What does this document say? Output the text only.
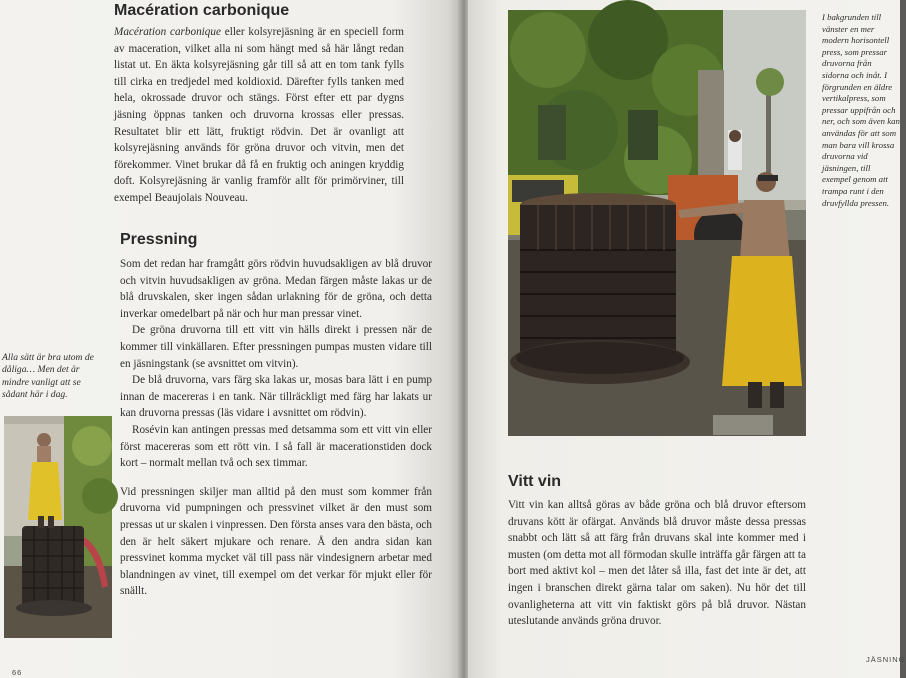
Macération carbonique

Macération carbonique eller kolsyrejäsning är en speciell form av maceration, vilket alla ni som hängt med så här långt redan listat ut. En äkta kolsyrejäsning går till så att en tom tank fylls till cirka en tredjedel med koldioxid. Därefter fylls tanken med hela, okrossade druvor och stängs. Först efter ett par dygns jäsning öppnas tanken och druvorna krossas eller pressas. Resultatet blir ett lätt, fruktigt rödvin. Det är ovanligt att kolsyrejäsning används för gröna druvor och vitvin, men det förekommer. Vinet brukar då få en fruktig och aningen kryddig doft. Kolsyrejäsning är vanlig framför allt för primörviner, till exempel Beaujolais Nouveau.

Pressning

Som det redan har framgått görs rödvin huvudsakligen av blå druvor och vitvin huvudsakligen av gröna. Medan färgen måste lakas ur de blå druvskalen, sker ingen sådan urlakning för de gröna, och detta inverkar omedelbart på när och hur man pressar vinet.

De gröna druvorna till ett vitt vin hälls direkt i pressen när de kommer till vinkällaren. Efter pressningen pumpas musten vidare till en jäsningstank (se avsnittet om vitvin).

De blå druvorna, vars färg ska lakas ur, mosas bara lätt i en pump innan de macereras i en tank. När tillräckligt med färg har lakats ur kan druvorna pressas (läs vidare i avsnittet om rödvin).

Rosévin kan antingen pressas med detsamma som ett vitt vin eller först macereras som ett rött vin. I så fall är macerationstiden dock kort – normalt mellan två och sex timmar.

Vid pressningen skiljer man alltid på den must som kommer från druvorna vid pumpningen och pressvinet vilket är den must som pressas ut ur skalen i vinpressen. Den första anses vara den bästa, och den är helt säkert mjukare och renare. Å den andra sidan kan pressvinet komma mycket väl till pass när vindesignern arbetar med blandningen av vinet, till exempel om det verkar för mjukt eller för snällt.

Alla sätt är bra utom de dåliga… Men det är mindre vanligt att se sådant här i dag.

66

I bakgrunden till vänster en mer modern horisontell press, som pressar druvorna från sidorna och inåt. I förgrunden en äldre vertikalpress, som pressar uppifrån och ner, och som även kan användas för att som man bara vill krossa druvorna vid jäsningen, till exempel genom att trampa runt i den druvfyllda pressen.

Vitt vin

Vitt vin kan alltså göras av både gröna och blå druvor eftersom druvans kött är ofärgat. Används blå druvor måste dessa pressas snabbt och lätt så att färg från druvans skal inte kommer med i musten (om detta mot all förmodan skulle inträffa går färgen att ta bort med aktivt kol – men det låter så illa, fast det inte är det, att ingen i branschen direkt gärna talar om saken). Nu hör det till ovanligheterna att vitt vin faktiskt görs på blå druvor. Nästan uteslutande används gröna druvor.

JÄSNING
